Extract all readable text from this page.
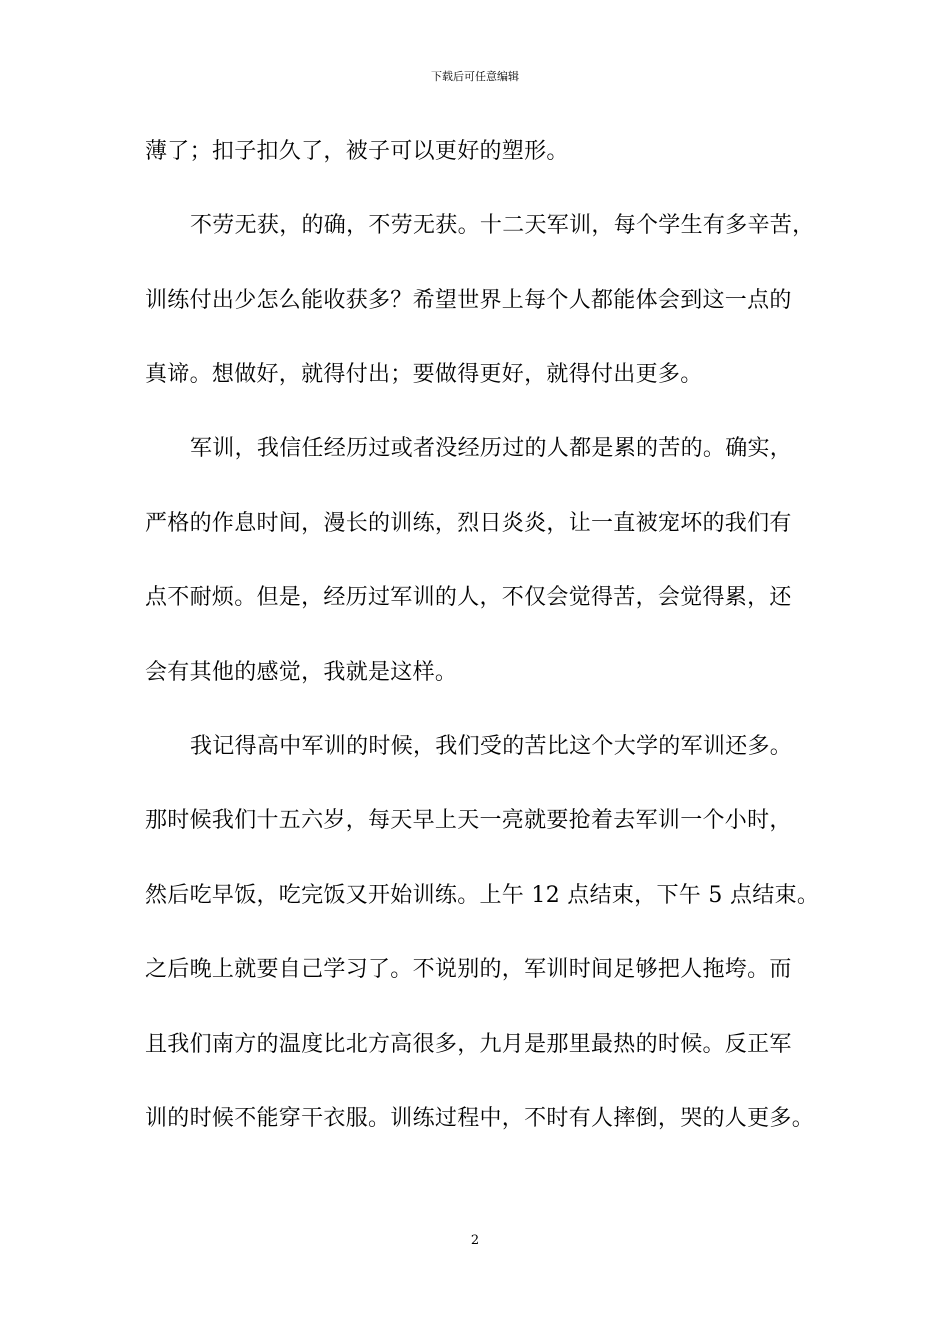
下载后可任意编辑
薄了；扣子扣久了，被子可以更好的塑形。
不劳无获，的确，不劳无获。十二天军训，每个学生有多辛苦，
训练付出少怎么能收获多？希望世界上每个人都能体会到这一点的
真谛。想做好，就得付出；要做得更好，就得付出更多。
军训，我信任经历过或者没经历过的人都是累的苦的。确实，
严格的作息时间，漫长的训练，烈日炎炎，让一直被宠坏的我们有
点不耐烦。但是，经历过军训的人，不仅会觉得苦，会觉得累，还
会有其他的感觉，我就是这样。
我记得高中军训的时候，我们受的苦比这个大学的军训还多。
那时候我们十五六岁，每天早上天一亮就要抢着去军训一个小时，
然后吃早饭，吃完饭又开始训练。上午 12 点结束，下午 5 点结束。
之后晚上就要自己学习了。不说别的，军训时间足够把人拖垮。而
且我们南方的温度比北方高很多，九月是那里最热的时候。反正军
训的时候不能穿干衣服。训练过程中，不时有人摔倒，哭的人更多。
2
